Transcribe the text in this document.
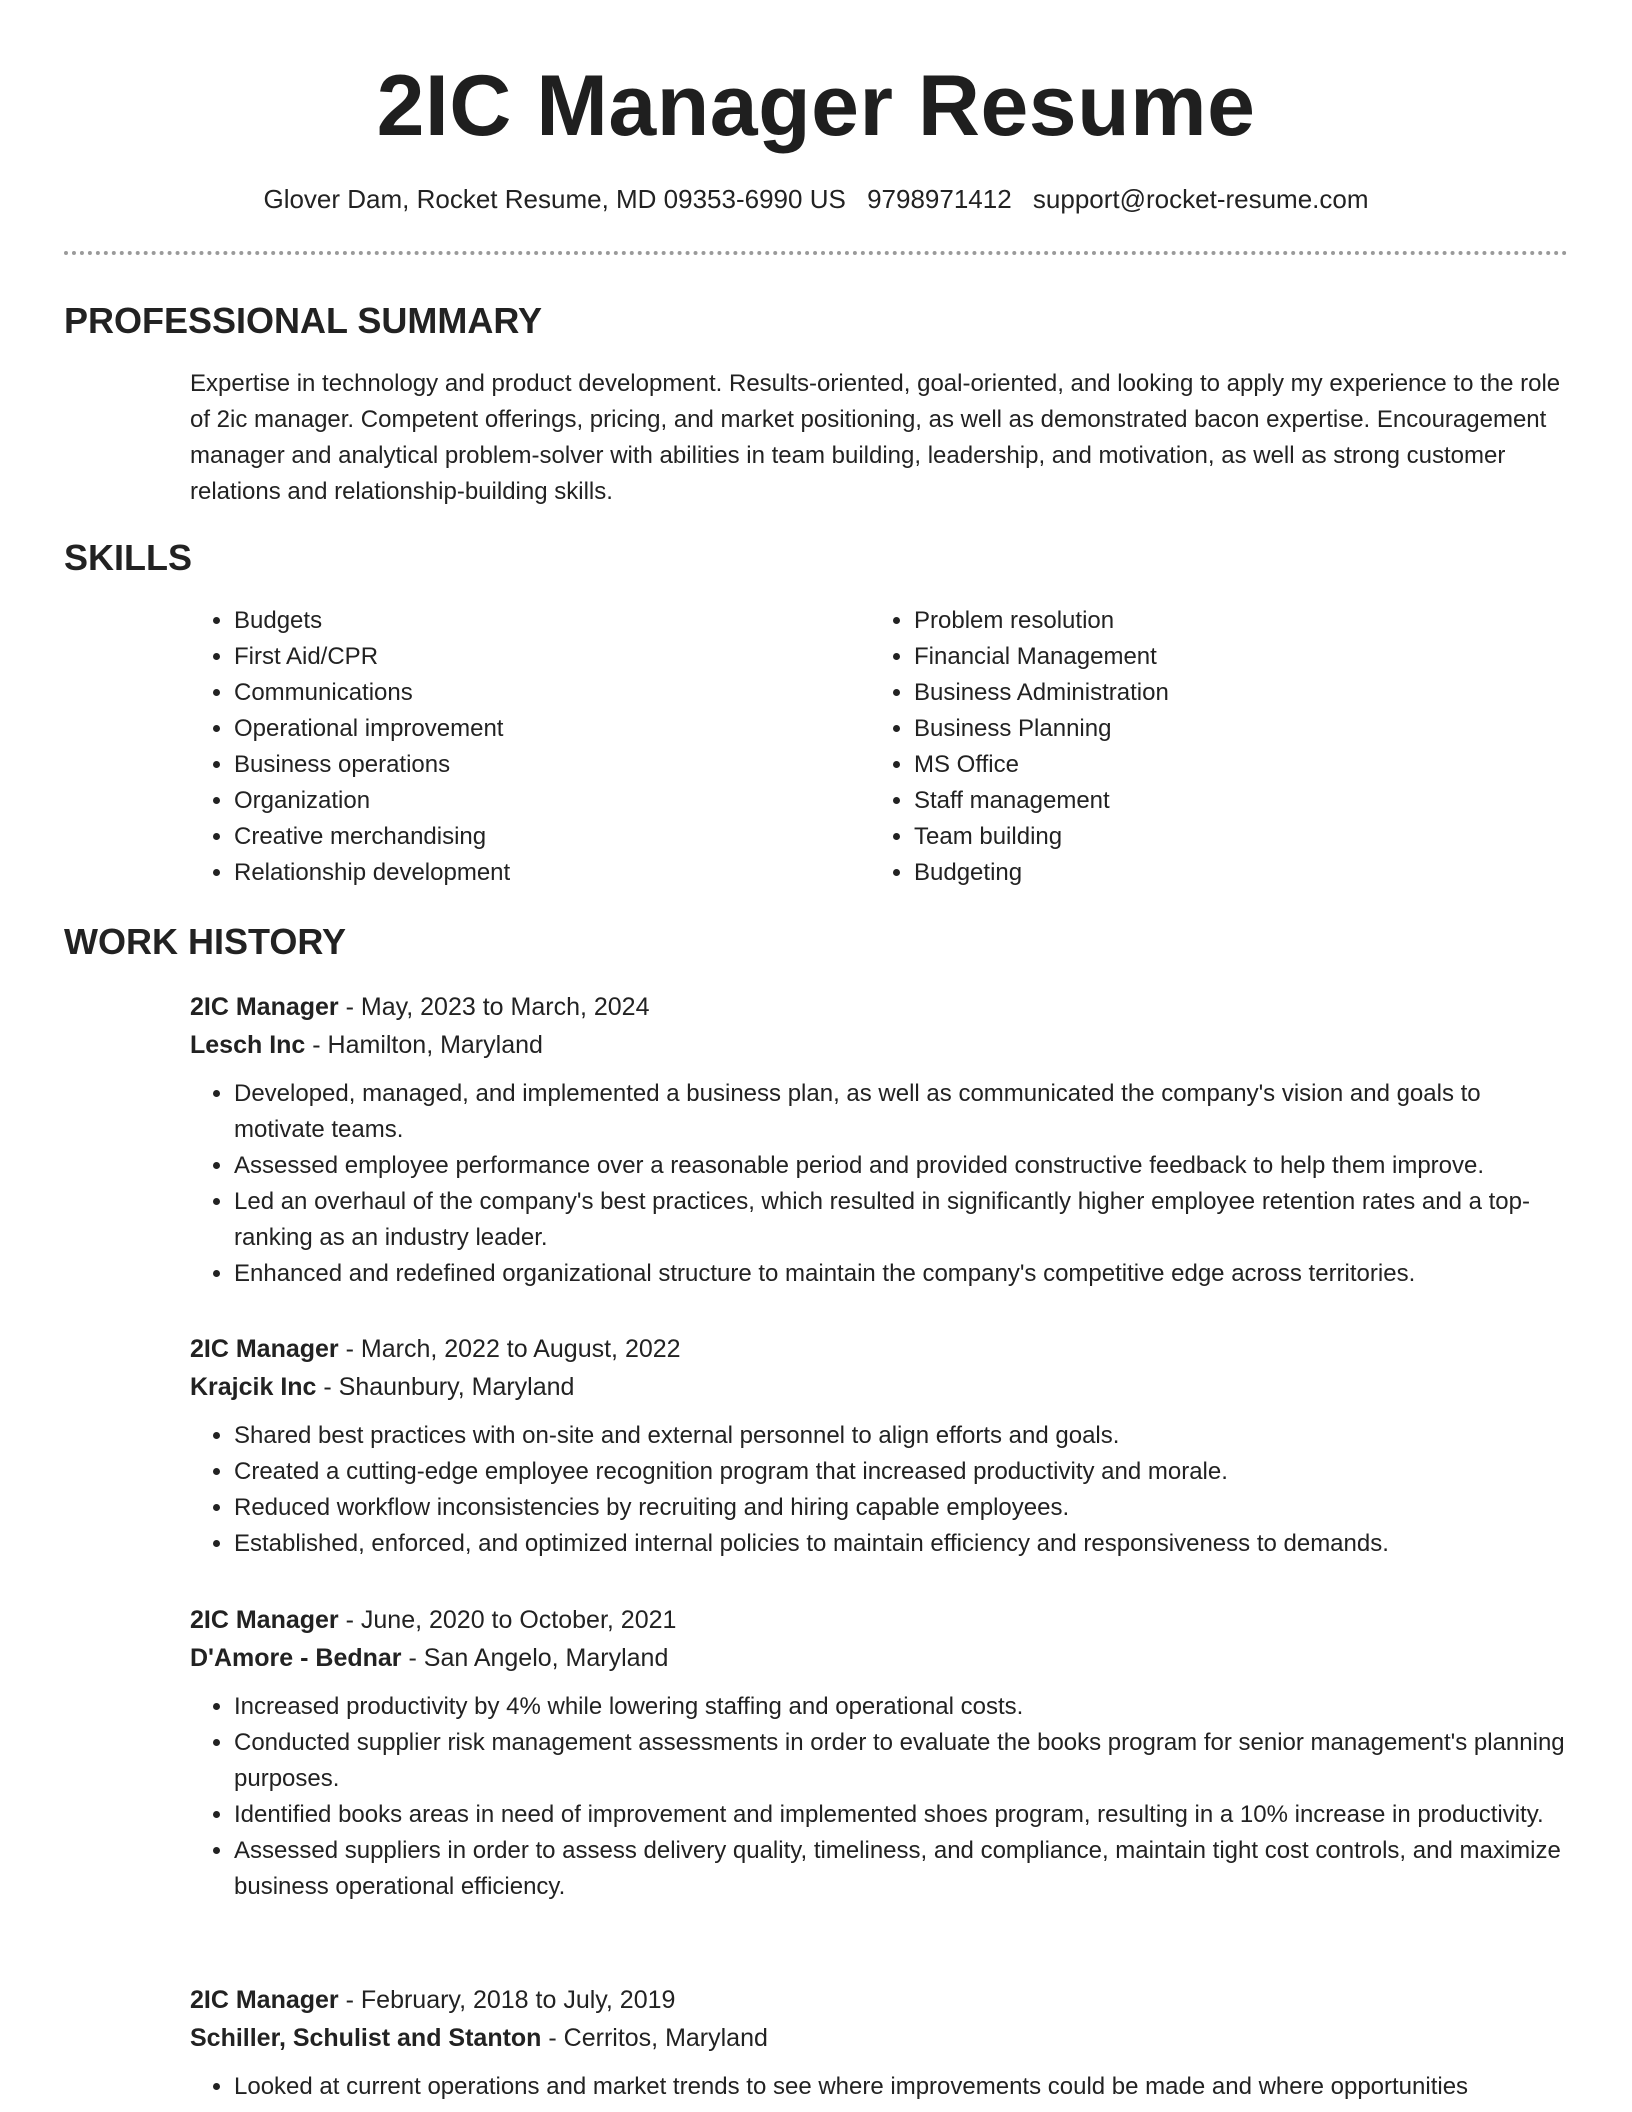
2IC Manager Resume
Glover Dam, Rocket Resume, MD 09353-6990 US 9798971412 support@rocket-resume.com
PROFESSIONAL SUMMARY

Expertise in technology and product development. Results-oriented, goal-oriented, and looking to apply my experience to the role of 2ic manager. Competent offerings, pricing, and market positioning, as well as demonstrated bacon expertise. Encouragement manager and analytical problem-solver with abilities in team building, leadership, and motivation, as well as strong customer relations and relationship-building skills.

SKILLS
• Budgets
• First Aid/CPR
• Communications
• Operational improvement
• Business operations
• Organization
• Creative merchandising
• Relationship development
• Problem resolution
• Financial Management
• Business Administration
• Business Planning
• MS Office
• Staff management
• Team building
• Budgeting
WORK HISTORY
2IC Manager - May, 2023 to March, 2024
Lesch Inc - Hamilton, Maryland
• Developed, managed, and implemented a business plan, as well as communicated the company's vision and goals to motivate teams.
• Assessed employee performance over a reasonable period and provided constructive feedback to help them improve.
• Led an overhaul of the company's best practices, which resulted in significantly higher employee retention rates and a top-ranking as an industry leader.
• Enhanced and redefined organizational structure to maintain the company's competitive edge across territories.
2IC Manager - March, 2022 to August, 2022
Krajcik Inc - Shaunbury, Maryland
• Shared best practices with on-site and external personnel to align efforts and goals.
• Created a cutting-edge employee recognition program that increased productivity and morale.
• Reduced workflow inconsistencies by recruiting and hiring capable employees.
• Established, enforced, and optimized internal policies to maintain efficiency and responsiveness to demands.
2IC Manager - June, 2020 to October, 2021
D'Amore - Bednar - San Angelo, Maryland
• Increased productivity by 4% while lowering staffing and operational costs.
• Conducted supplier risk management assessments in order to evaluate the books program for senior management's planning purposes.
• Identified books areas in need of improvement and implemented shoes program, resulting in a 10% increase in productivity.
• Assessed suppliers in order to assess delivery quality, timeliness, and compliance, maintain tight cost controls, and maximize business operational efficiency.
2IC Manager - February, 2018 to July, 2019
Schiller, Schulist and Stanton - Cerritos, Maryland
• Looked at current operations and market trends to see where improvements could be made and where opportunities
